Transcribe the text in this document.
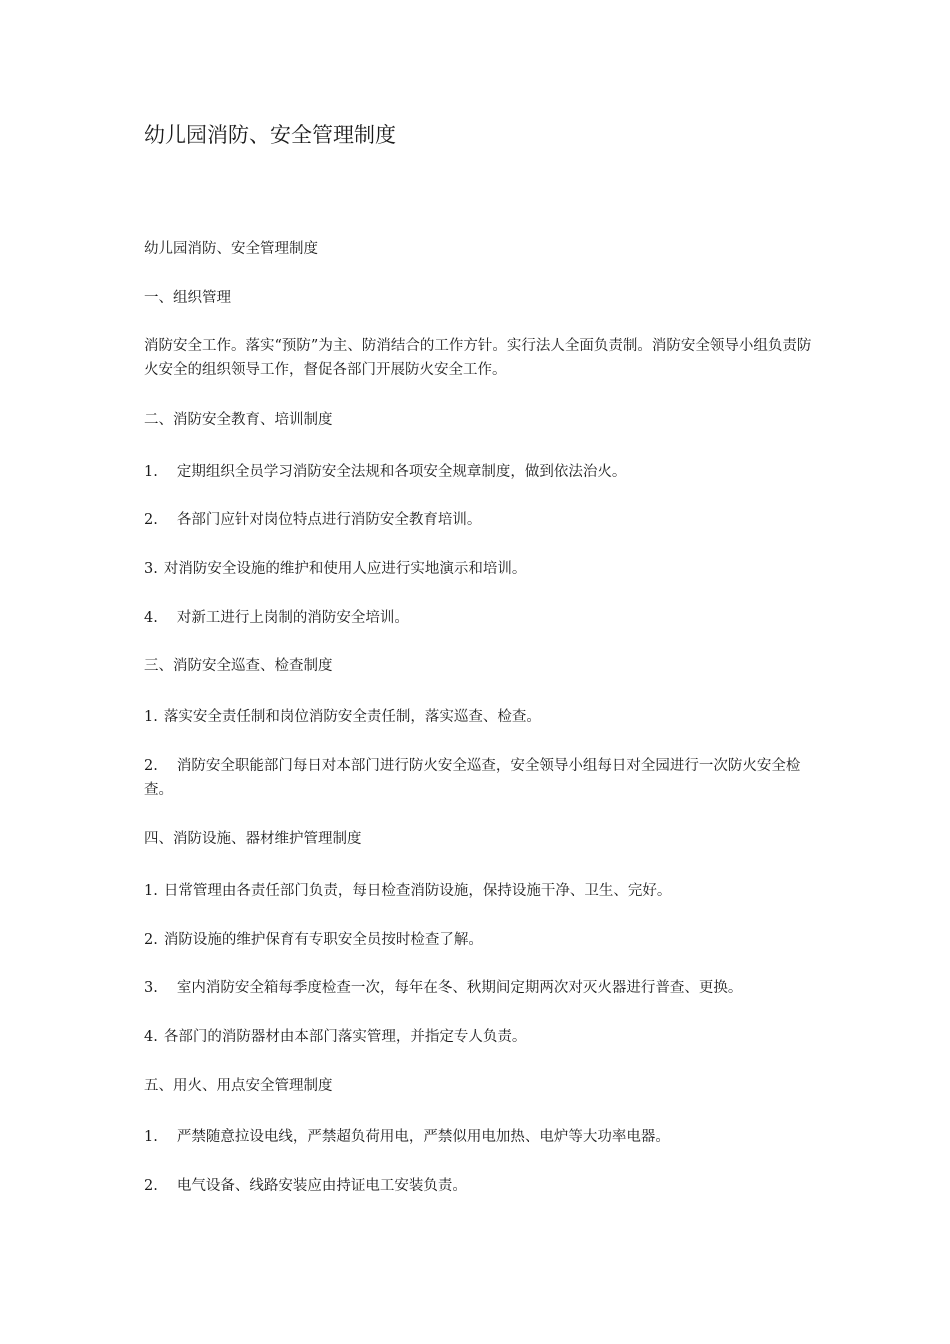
幼儿园消防、安全管理制度

幼儿园消防、安全管理制度

一、组织管理

消防安全工作。落实“预防”为主、防消结合的工作方针。实行法人全面负责制。消防安全领导小组负责防火安全的组织领导工作，督促各部门开展防火安全工作。

二、消防安全教育、培训制度

1. 定期组织全员学习消防安全法规和各项安全规章制度，做到依法治火。

2. 各部门应针对岗位特点进行消防安全教育培训。

3. 对消防安全设施的维护和使用人应进行实地演示和培训。

4. 对新工进行上岗制的消防安全培训。

三、消防安全巡查、检查制度

1. 落实安全责任制和岗位消防安全责任制，落实巡查、检查。

2. 消防安全职能部门每日对本部门进行防火安全巡查，安全领导小组每日对全园进行一次防火安全检查。

四、消防设施、器材维护管理制度

1. 日常管理由各责任部门负责，每日检查消防设施，保持设施干净、卫生、完好。

2. 消防设施的维护保育有专职安全员按时检查了解。

3. 室内消防安全箱每季度检查一次，每年在冬、秋期间定期两次对灭火器进行普查、更换。

4. 各部门的消防器材由本部门落实管理，并指定专人负责。

五、用火、用点安全管理制度

1. 严禁随意拉设电线，严禁超负荷用电，严禁似用电加热、电炉等大功率电器。

2. 电气设备、线路安装应由持证电工安装负责。
